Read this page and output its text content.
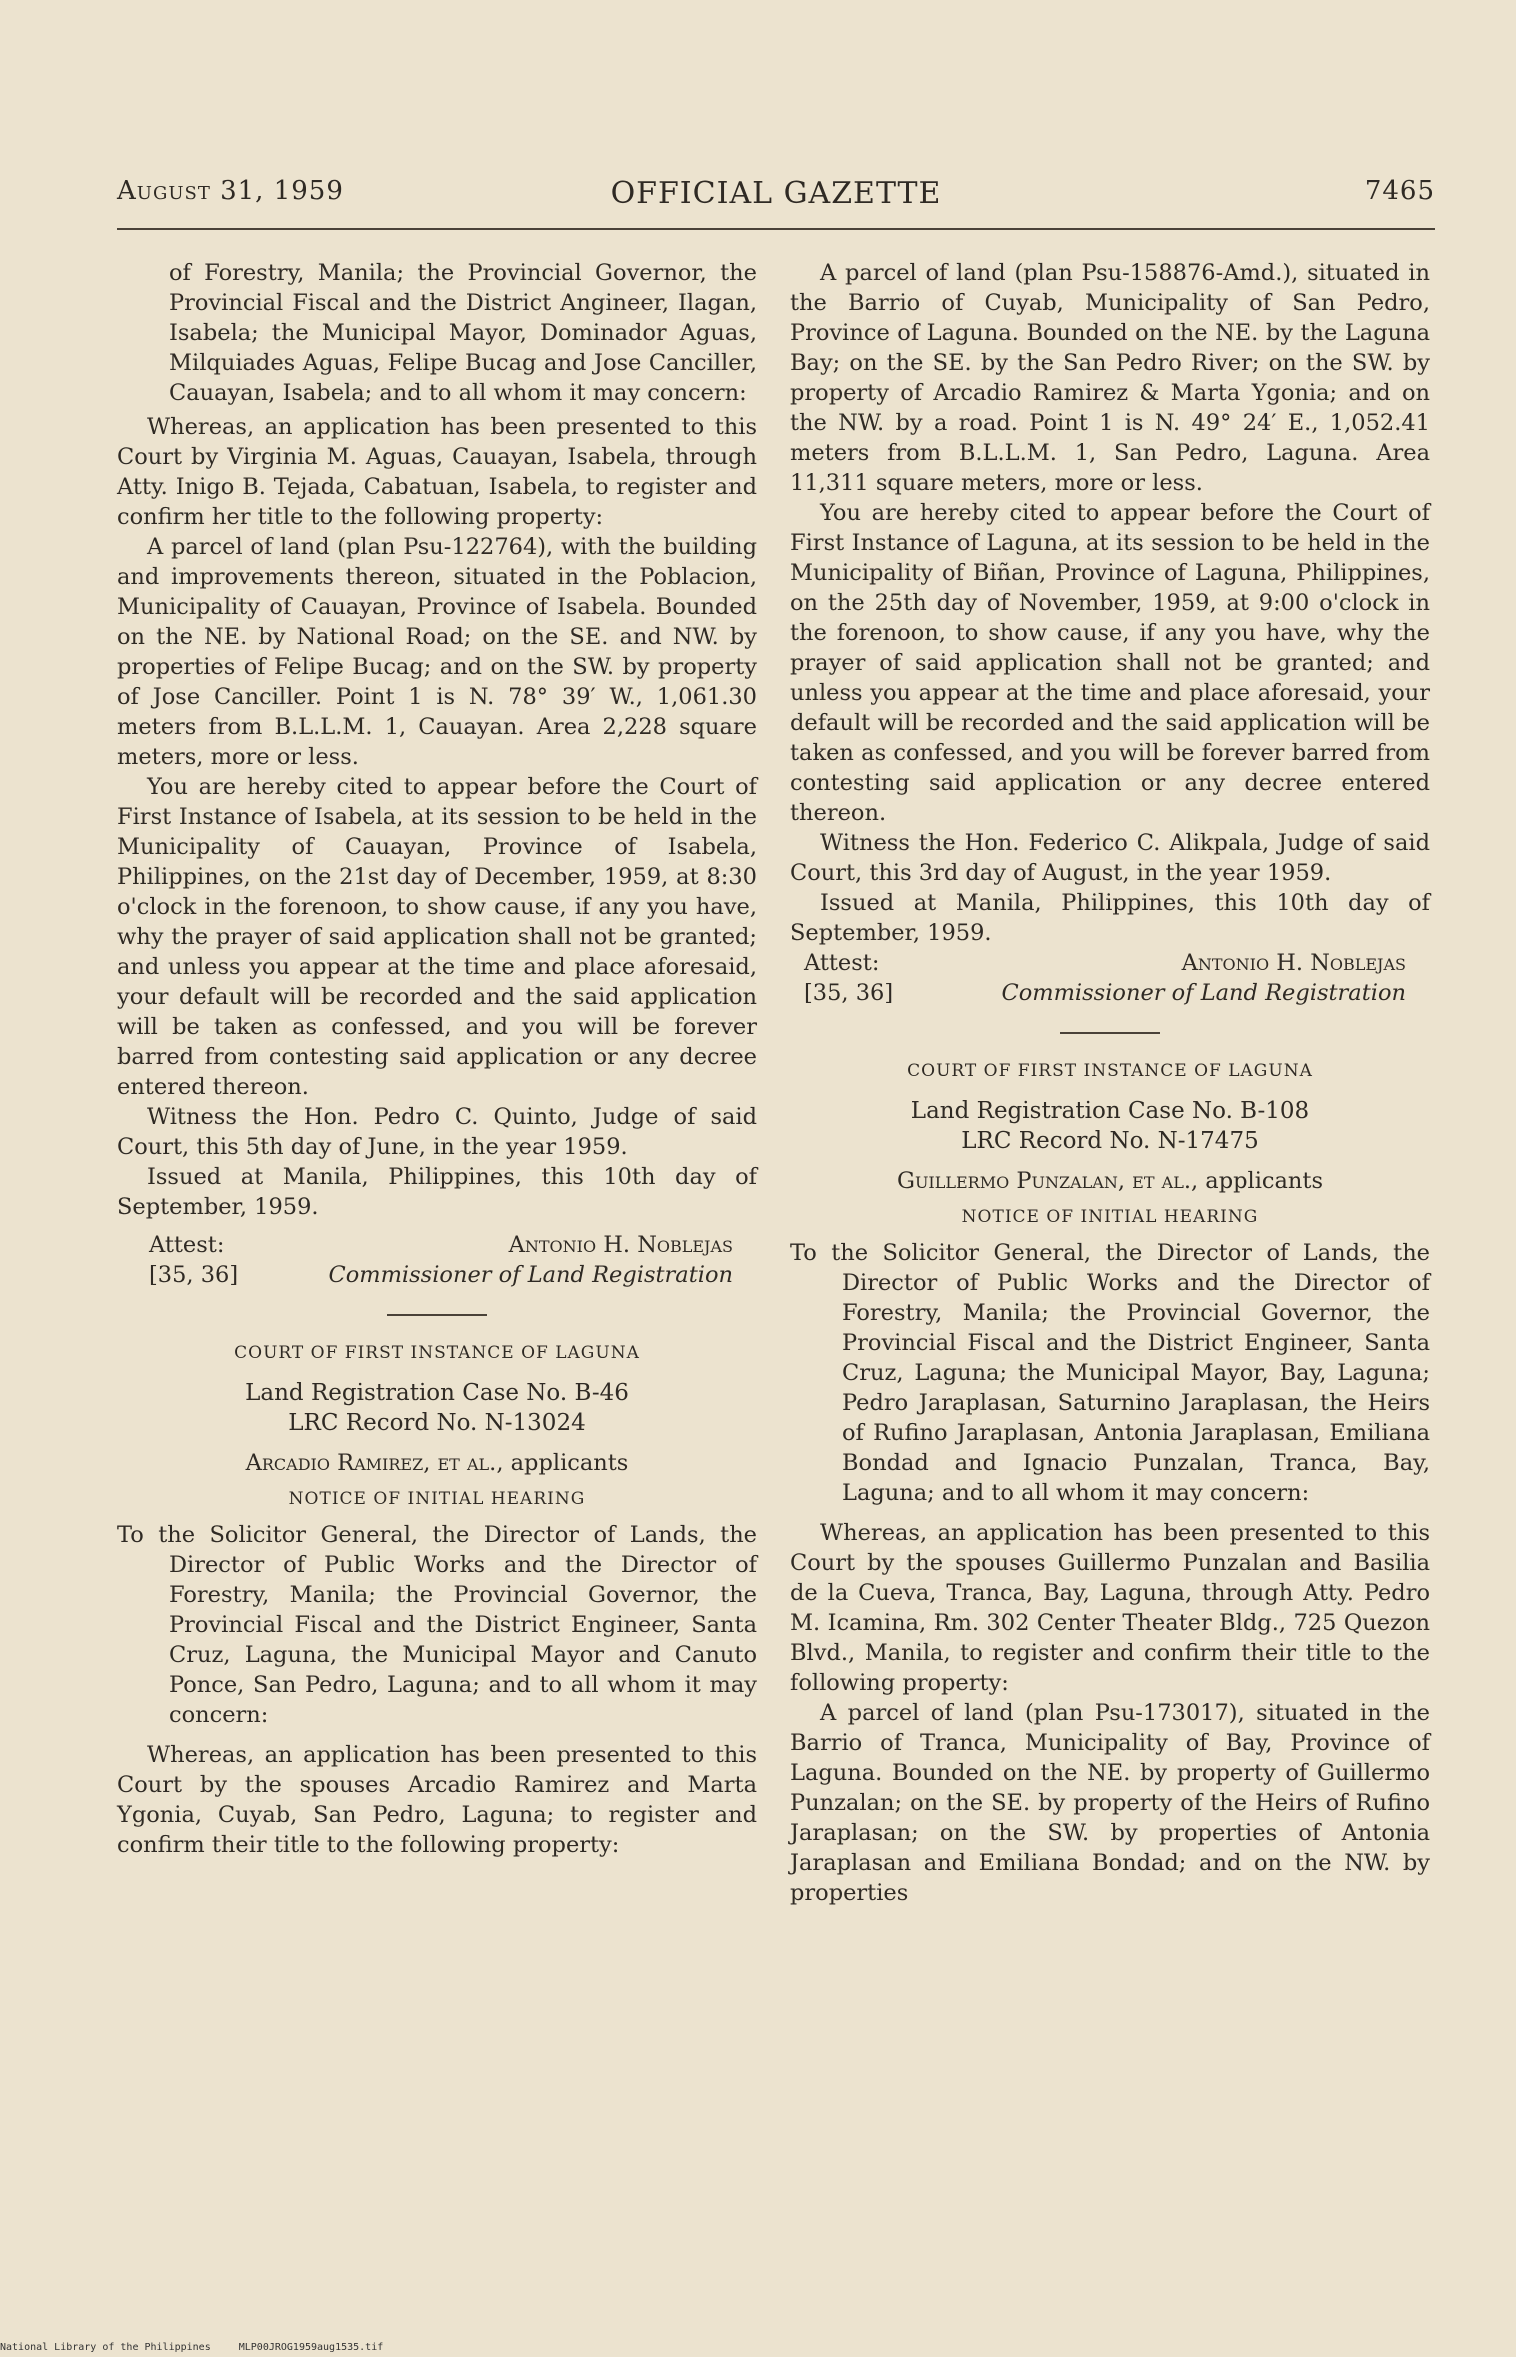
OFFICIAL GAZETTE
August 31, 1959	7465

of Forestry, Manila; the Provincial Governor, the Provincial Fiscal and the District Angineer, Ilagan, Isabela; the Municipal Mayor, Dominador Aguas, Milquiades Aguas, Felipe Bucag and Jose Canciller, Cauayan, Isabela; and to all whom it may concern:

Whereas, an application has been presented to this Court by Virginia M. Aguas, Cauayan, Isabela, through Atty. Inigo B. Tejada, Cabatuan, Isabela, to register and confirm her title to the following property:

A parcel of land (plan Psu-122764), with the building and improvements thereon, situated in the Poblacion, Municipality of Cauayan, Province of Isabela. Bounded on the NE. by National Road; on the SE. and NW. by properties of Felipe Bucag; and on the SW. by property of Jose Canciller. Point 1 is N. 78° 39′ W., 1,061.30 meters from B.L.L.M. 1, Cauayan. Area 2,228 square meters, more or less.

You are hereby cited to appear before the Court of First Instance of Isabela, at its session to be held in the Municipality of Cauayan, Province of Isabela, Philippines, on the 21st day of December, 1959, at 8:30 o'clock in the forenoon, to show cause, if any you have, why the prayer of said application shall not be granted; and unless you appear at the time and place aforesaid, your default will be recorded and the said application will be taken as confessed, and you will be forever barred from contesting said application or any decree entered thereon.

Witness the Hon. Pedro C. Quinto, Judge of said Court, this 5th day of June, in the year 1959.

Issued at Manila, Philippines, this 10th day of September, 1959.

Attest:
[35, 36]
Antonio H. Noblejas
Commissioner of Land Registration
COURT OF FIRST INSTANCE OF LAGUNA
Land Registration Case No. B-46
LRC Record No. N-13024
Arcadio Ramirez, et al., applicants
NOTICE OF INITIAL HEARING

To the Solicitor General, the Director of Lands, the Director of Public Works and the Director of Forestry, Manila; the Provincial Governor, the Provincial Fiscal and the District Engineer, Santa Cruz, Laguna, the Municipal Mayor and Canuto Ponce, San Pedro, Laguna; and to all whom it may concern:

Whereas, an application has been presented to this Court by the spouses Arcadio Ramirez and Marta Ygonia, Cuyab, San Pedro, Laguna; to register and confirm their title to the following property:

A parcel of land (plan Psu-158876-Amd.), situated in the Barrio of Cuyab, Municipality of San Pedro, Province of Laguna. Bounded on the NE. by the Laguna Bay; on the SE. by the San Pedro River; on the SW. by property of Arcadio Ramirez & Marta Ygonia; and on the NW. by a road. Point 1 is N. 49° 24′ E., 1,052.41 meters from B.L.L.M. 1, San Pedro, Laguna. Area 11,311 square meters, more or less.

You are hereby cited to appear before the Court of First Instance of Laguna, at its session to be held in the Municipality of Biñan, Province of Laguna, Philippines, on the 25th day of November, 1959, at 9:00 o'clock in the forenoon, to show cause, if any you have, why the prayer of said application shall not be granted; and unless you appear at the time and place aforesaid, your default will be recorded and the said application will be taken as confessed, and you will be forever barred from contesting said application or any decree entered thereon.

Witness the Hon. Federico C. Alikpala, Judge of said Court, this 3rd day of August, in the year 1959.

Issued at Manila, Philippines, this 10th day of September, 1959.

Attest:
[35, 36]
Antonio H. Noblejas
Commissioner of Land Registration
COURT OF FIRST INSTANCE OF LAGUNA
Land Registration Case No. B-108
LRC Record No. N-17475
Guillermo Punzalan, et al., applicants
NOTICE OF INITIAL HEARING

To the Solicitor General, the Director of Lands, the Director of Public Works and the Director of Forestry, Manila; the Provincial Governor, the Provincial Fiscal and the District Engineer, Santa Cruz, Laguna; the Municipal Mayor, Bay, Laguna; Pedro Jaraplasan, Saturnino Jaraplasan, the Heirs of Rufino Jaraplasan, Antonia Jaraplasan, Emiliana Bondad and Ignacio Punzalan, Tranca, Bay, Laguna; and to all whom it may concern:

Whereas, an application has been presented to this Court by the spouses Guillermo Punzalan and Basilia de la Cueva, Tranca, Bay, Laguna, through Atty. Pedro M. Icamina, Rm. 302 Center Theater Bldg., 725 Quezon Blvd., Manila, to register and confirm their title to the following property:

A parcel of land (plan Psu-173017), situated in the Barrio of Tranca, Municipality of Bay, Province of Laguna. Bounded on the NE. by property of Guillermo Punzalan; on the SE. by property of the Heirs of Rufino Jaraplasan; on the SW. by properties of Antonia Jaraplasan and Emiliana Bondad; and on the NW. by properties

National Library of the Philippines	MLP00JROG1959aug1535.tif
